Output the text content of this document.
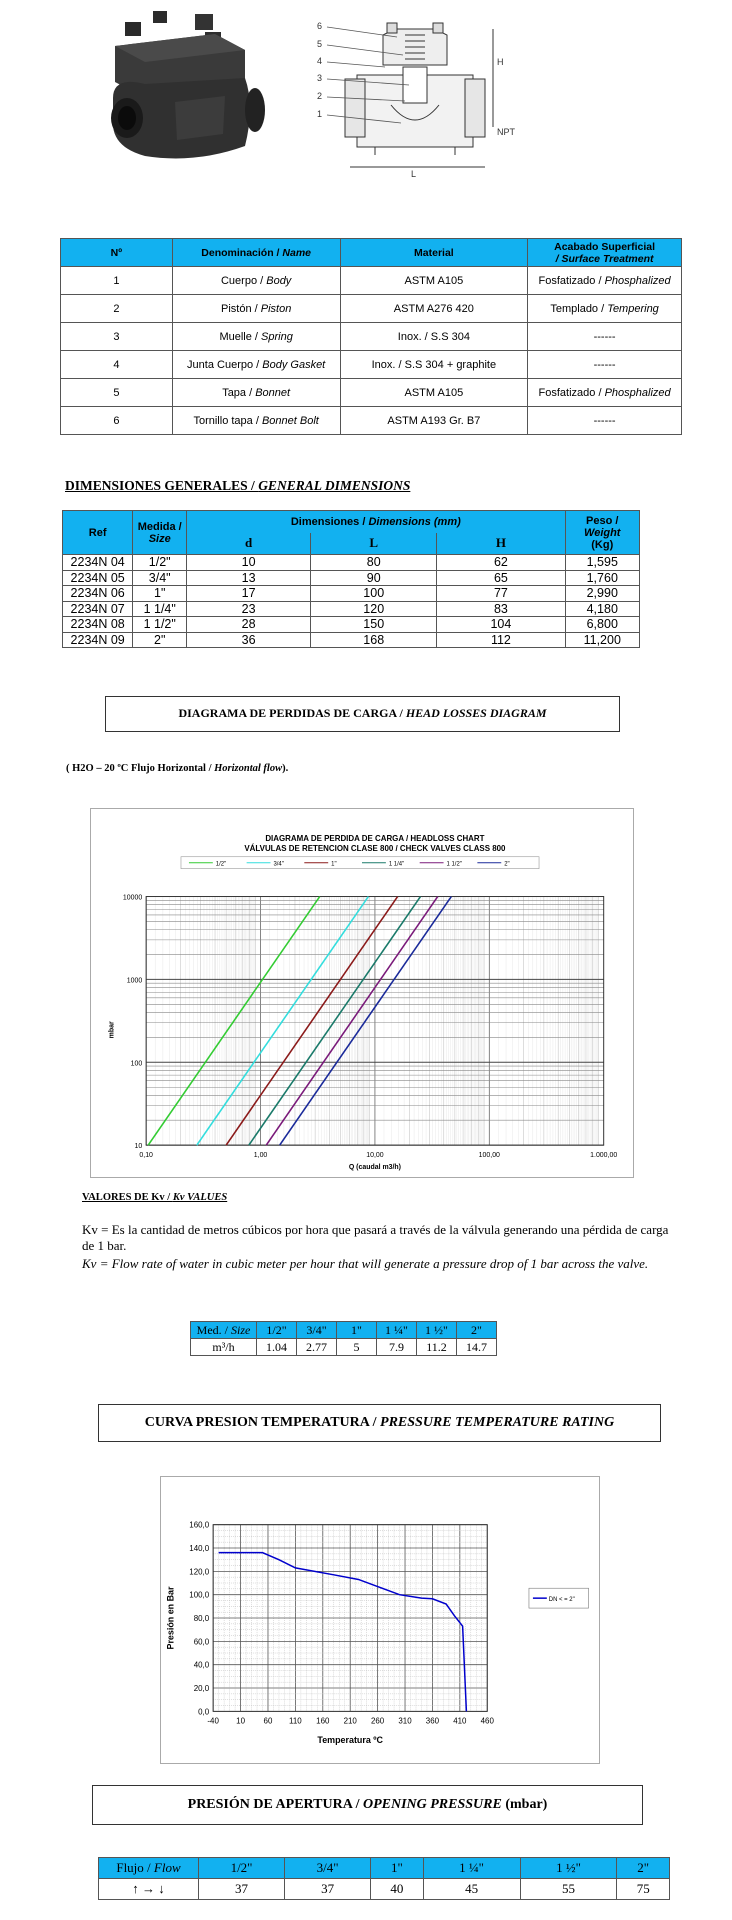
6
5
4
3
2
1
H
L
NPT
Nº	Denominación / Name	Material	Acabado Superficial
/ Surface Treatment
1	Cuerpo / Body	ASTM A105	Fosfatizado / Phosphalized
2	Pistón / Piston	ASTM A276 420	Templado / Tempering
3	Muelle / Spring	Inox. / S.S 304	------
4	Junta Cuerpo / Body Gasket	Inox. / S.S 304 + graphite	------
5	Tapa / Bonnet	ASTM A105	Fosfatizado / Phosphalized
6	Tornillo tapa / Bonnet Bolt	ASTM A193 Gr. B7	------
DIMENSIONES GENERALES / GENERAL DIMENSIONS
Ref	Medida /
Size	Dimensiones / Dimensions (mm)			Peso /
Weight
(Kg)
		d	L	H	
2234N 04	1/2"	10	80	62	1,595
2234N 05	3/4"	13	90	65	1,760
2234N 06	1"	17	100	77	2,990
2234N 07	1 1/4"	23	120	83	4,180
2234N 08	1 1/2"	28	150	104	6,800
2234N 09	2"	36	168	112	11,200
DIAGRAMA DE PERDIDAS DE CARGA / HEAD LOSSES DIAGRAM
( H2O – 20 ºC Flujo Horizontal / Horizontal flow).
DIAGRAMA DE PERDIDA DE CARGA / HEADLOSS CHART
VÁLVULAS DE RETENCION CLASE 800 / CHECK VALVES CLASS 800
1/2"	3/4"	1"	1 1/4"	1 1/2"	2"
0,10	1,00	10,00	100,00	1.000,00
10
100
1000
10000
Q (caudal m3/h)
mbar
VALORES DE Kv / Kv VALUES
Kv = Es la cantidad de metros cúbicos por hora que pasará a través de la válvula generando una pérdida de carga de 1 bar.
Kv = Flow rate of water in cubic meter per hour that will generate a pressure drop of 1 bar across the valve.
Med. / Size	1/2"	3/4"	1"	1 ¼"	1 ½"	2"
m³/h	1.04	2.77	5	7.9	11.2	14.7
CURVA PRESION TEMPERATURA / PRESSURE TEMPERATURE RATING
-40 10 60 110 160 210 260 310 360 410 460
0,0
20,0
40,0
60,0
80,0
100,0
120,0
140,0
160,0
Temperatura ºC
Presión en Bar	DN < = 2"
PRESIÓN DE APERTURA / OPENING PRESSURE (mbar)
Flujo / Flow	1/2"	3/4"	1"	1 ¼"	1 ½"	2"
↑ → ↓	37	37	40	45	55	75
